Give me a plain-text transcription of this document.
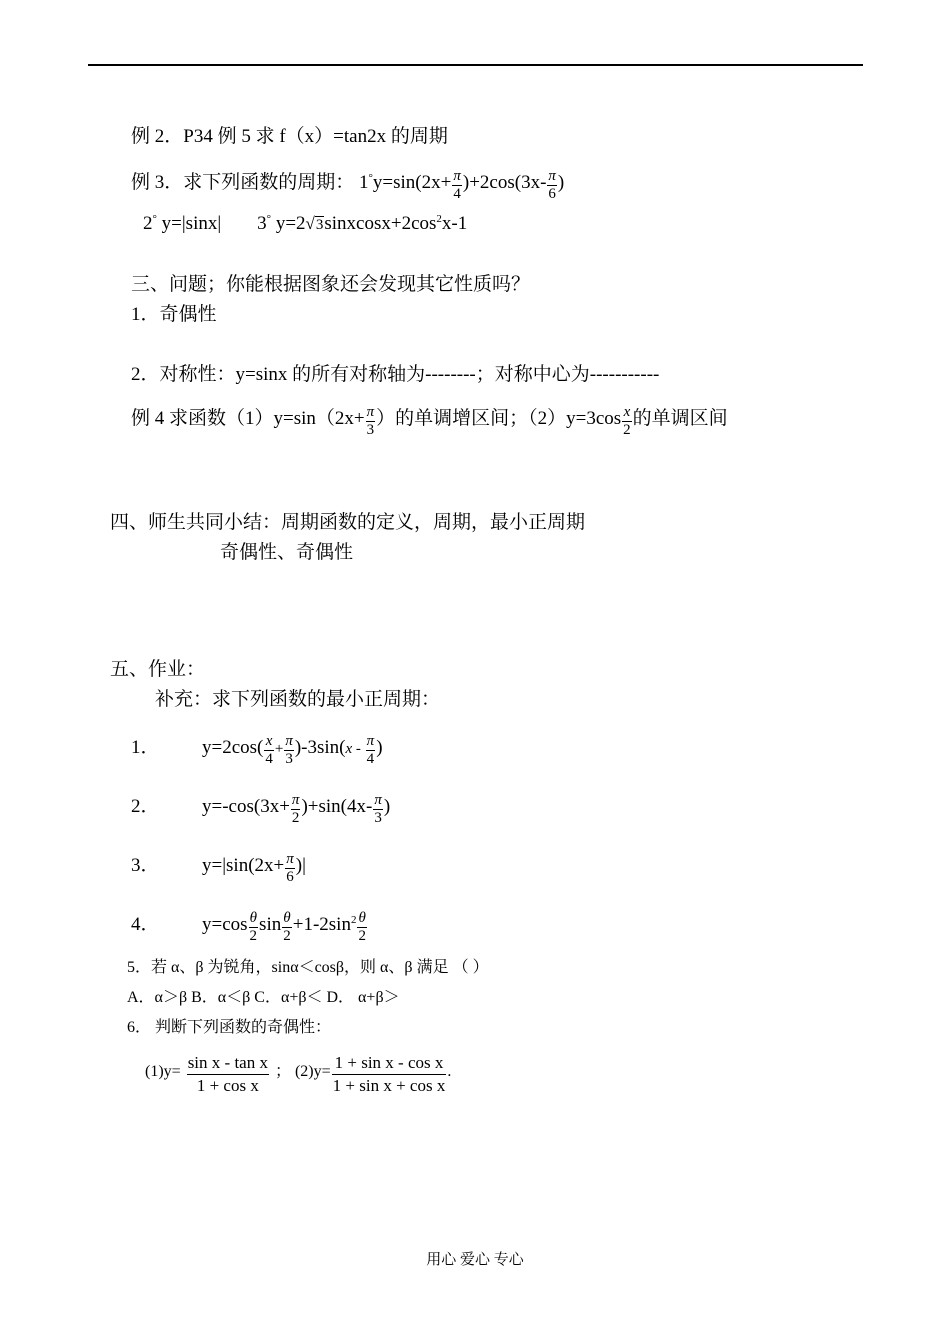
例 2．P34 例 5 求 f（x）=tan2x 的周期
例 3．求下列函数的周期： $1^\circ y=\sin(2x+ \frac{\pi}{4} )+2\cos(3x- \frac{\pi}{6}$ )
2° y=|sinx| 3° $y=2√3sinxcosx+2\cos^2x-1$
三、问题；你能根据图象还会发现其它性质吗？
1．奇偶性
2．对称性：y=sinx 的所有对称轴为--------；对称中心为-----------
例 4 求函数$(1)y=\sin(2x+ \frac{\pi}{3}$ ）的单调增区间；$(2)y=3\cos \frac{x}{2}$ 的单调区间
四、师生共同小结：周期函数的定义，周期，最小正周期
奇偶性、奇偶性
五、作业：
补充：求下列函数的最小正周期：
1． $y=2\cos( \frac{x}{4} + \frac{\pi}{3} )-3\sin(x - \frac{\pi}{4}$ )
2． $y=-\cos(3x+ \frac{\pi}{2} )+\sin(4x- \frac{\pi}{3}$ )
3． $y=|\sin(2x+ \frac{\pi}{6}$ )|
4． $y=\cos \frac{\theta}{2}$ $\sin \frac{\theta}{2} +1-2\sin^2 \frac{\theta}{2}$
5．若 α、β 为锐角，sinα＜cosβ，则 α、β 满足 （ ）
A．α＞β B．α＜β C．α+β＜ D． α+β＞
6． 判断下列函数的奇偶性：
$(1)y= \frac{\text{sin x - tan x}}{\text{1 + cos x}}$ ； $(2)y= \frac{\text{1 + sin x - cos x}}{\text{1 + sin x + cos x}}$ .
用心 爱心 专心
